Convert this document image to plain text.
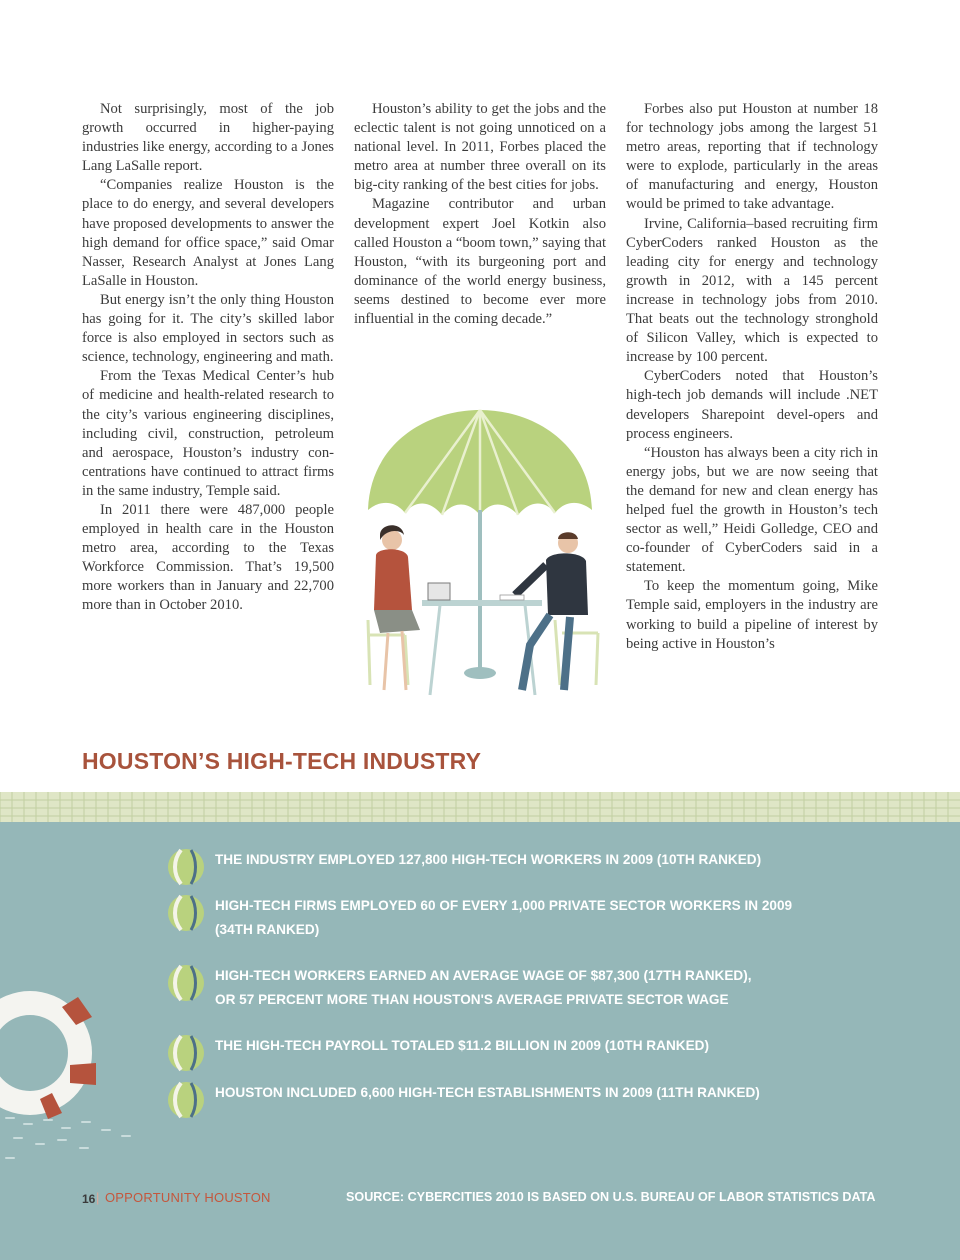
Not surprisingly, most of the job growth occurred in higher-paying industries like energy, according to a Jones Lang LaSalle report.

“Companies realize Houston is the place to do energy, and several developers have proposed developments to answer the high demand for office space,” said Omar Nasser, Research Analyst at Jones Lang LaSalle in Houston.

But energy isn’t the only thing Houston has going for it. The city’s skilled labor force is also employed in sectors such as science, technology, engineering and math.

From the Texas Medical Center’s hub of medicine and health-related research to the city’s various engineering disciplines, including civil, construction, petroleum and aerospace, Houston’s industry con-centrations have continued to attract firms in the same industry, Temple said.

In 2011 there were 487,000 people employed in health care in the Houston metro area, according to the Texas Workforce Commission. That’s 19,500 more workers than in January and 22,700 more than in October 2010.

Houston’s ability to get the jobs and the eclectic talent is not going unnoticed on a national level. In 2011, Forbes placed the metro area at number three overall on its big-city ranking of the best cities for jobs.

Magazine contributor and urban development expert Joel Kotkin also called Houston a “boom town,” saying that Houston, “with its burgeoning port and dominance of the world energy business, seems destined to become ever more influential in the coming decade.”

Forbes also put Houston at number 18 for technology jobs among the largest 51 metro areas, reporting that if technology were to explode, particularly in the areas of manufacturing and energy, Houston would be primed to take advantage.

Irvine, California–based recruiting firm CyberCoders ranked Houston as the leading city for energy and technology growth in 2012, with a 145 percent increase in technology jobs from 2010. That beats out the technology stronghold of Silicon Valley, which is expected to increase by 100 percent.

CyberCoders noted that Houston’s high-tech job demands will include .NET developers Sharepoint devel-opers and process engineers.

“Houston has always been a city rich in energy jobs, but we are now seeing that the demand for new and clean energy has helped fuel the growth in Houston’s tech sector as well,” Heidi Golledge, CEO and co-founder of CyberCoders said in a statement.

To keep the momentum going, Mike Temple said, employers in the industry are working to build a pipeline of interest by being active in Houston’s

HOUSTON’S HIGH-TECH INDUSTRY
THE INDUSTRY EMPLOYED 127,800 HIGH-TECH WORKERS IN 2009 (10TH RANKED)
HIGH-TECH FIRMS EMPLOYED 60 OF EVERY 1,000 PRIVATE SECTOR WORKERS IN 2009
(34TH RANKED)
HIGH-TECH WORKERS EARNED AN AVERAGE WAGE OF $87,300 (17TH RANKED),
OR 57 PERCENT MORE THAN HOUSTON'S AVERAGE PRIVATE SECTOR WAGE
THE HIGH-TECH PAYROLL TOTALED $11.2 BILLION IN 2009 (10TH RANKED)
HOUSTON INCLUDED 6,600 HIGH-TECH ESTABLISHMENTS IN 2009 (11TH RANKED)
16 | OPPORTUNITY HOUSTON	SOURCE: CYBERCITIES 2010 IS BASED ON U.S. BUREAU OF LABOR STATISTICS DATA
